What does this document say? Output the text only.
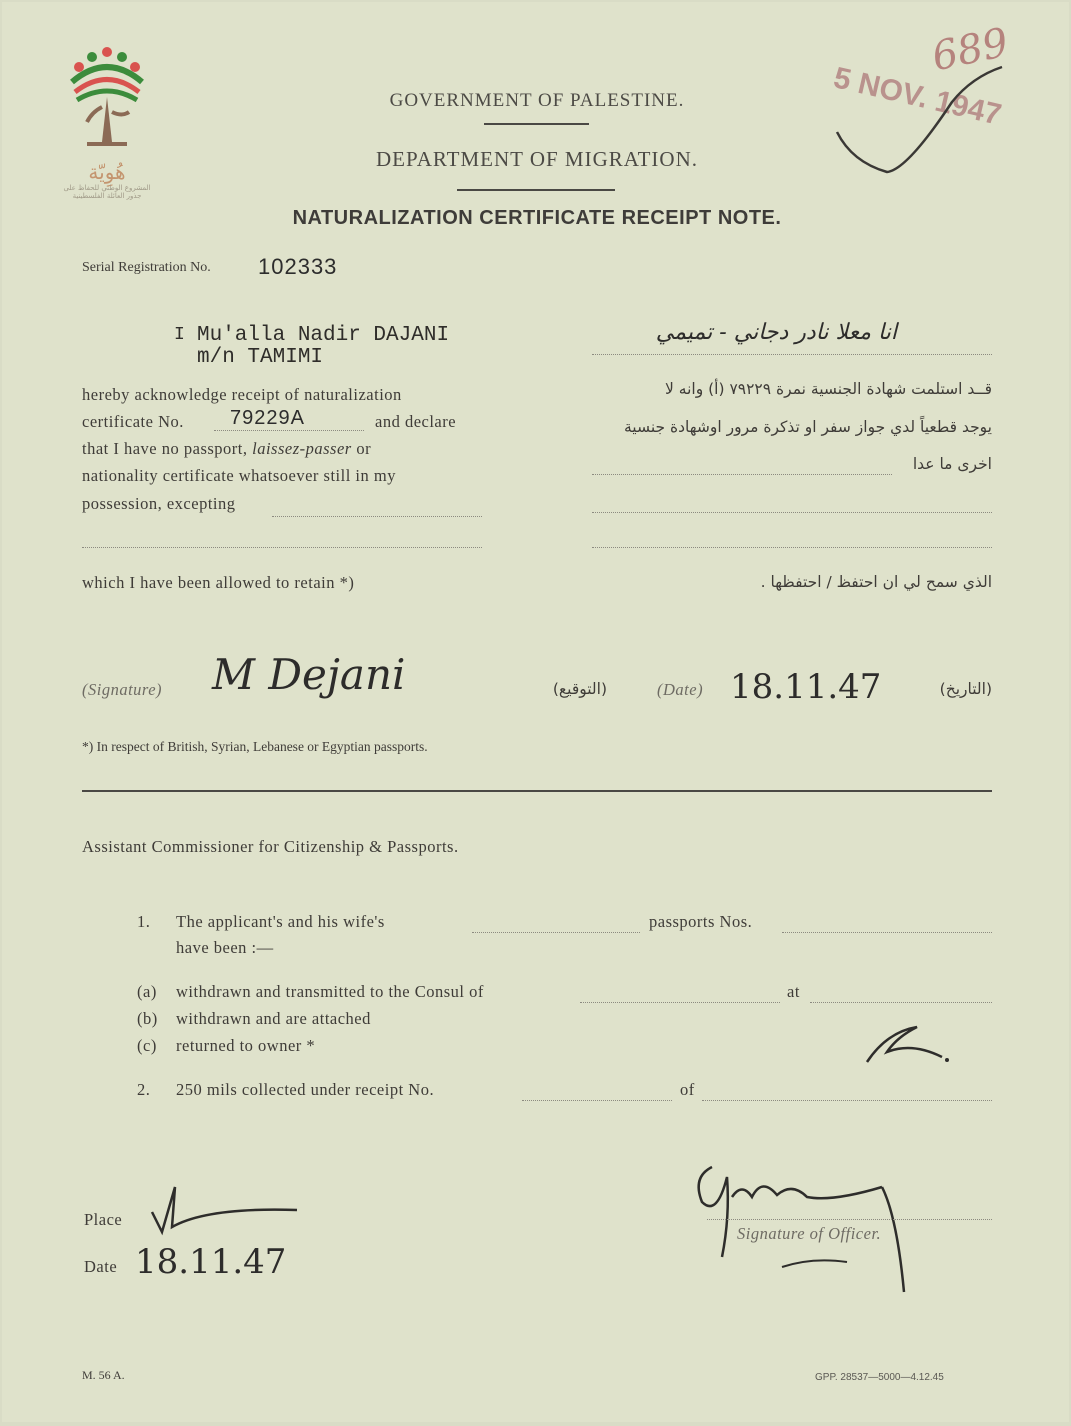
هُوِيّة
المشروع الوطني للحفاظ على
جذور العائلة الفلسطينية
5 NOV. 1947
689
GOVERNMENT OF PALESTINE.
DEPARTMENT OF MIGRATION.
NATURALIZATION CERTIFICATE RECEIPT NOTE.
Serial Registration No. 102333
I Mu'alla Nadir DAJANI
m/n TAMIMI
انا معلا نادر دجاني - تميمي
hereby acknowledge receipt of naturalization
certificate No. 79229A	and declare
that I have no passport, laissez-passer or
nationality certificate whatsoever still in my
possession, excepting
which I have been allowed to retain *)
قــد استلمت شهادة الجنسية نمرة ٧٩٢٢٩ (أ) وانه لا
يوجد قطعياً لدي جواز سفر او تذكرة مرور اوشهادة جنسية
اخرى ما عدا
الذي سمح لي ان احتفظ / احتفظها .
(Signature) M Dejani	(التوقيع)	(Date) 18.11.47	(التاريخ)
*) In respect of British, Syrian, Lebanese or Egyptian passports.
Assistant Commissioner for Citizenship & Passports.
1. The applicant's and his wife's	passports Nos.
have been :—
(a) withdrawn and transmitted to the Consul of	at
(b) withdrawn and are attached
(c) returned to owner *
2. 250 mils collected under receipt No.	of
Place
Date 18.11.47
Signature of Officer.
M. 56 A.	GPP. 28537—5000—4.12.45
